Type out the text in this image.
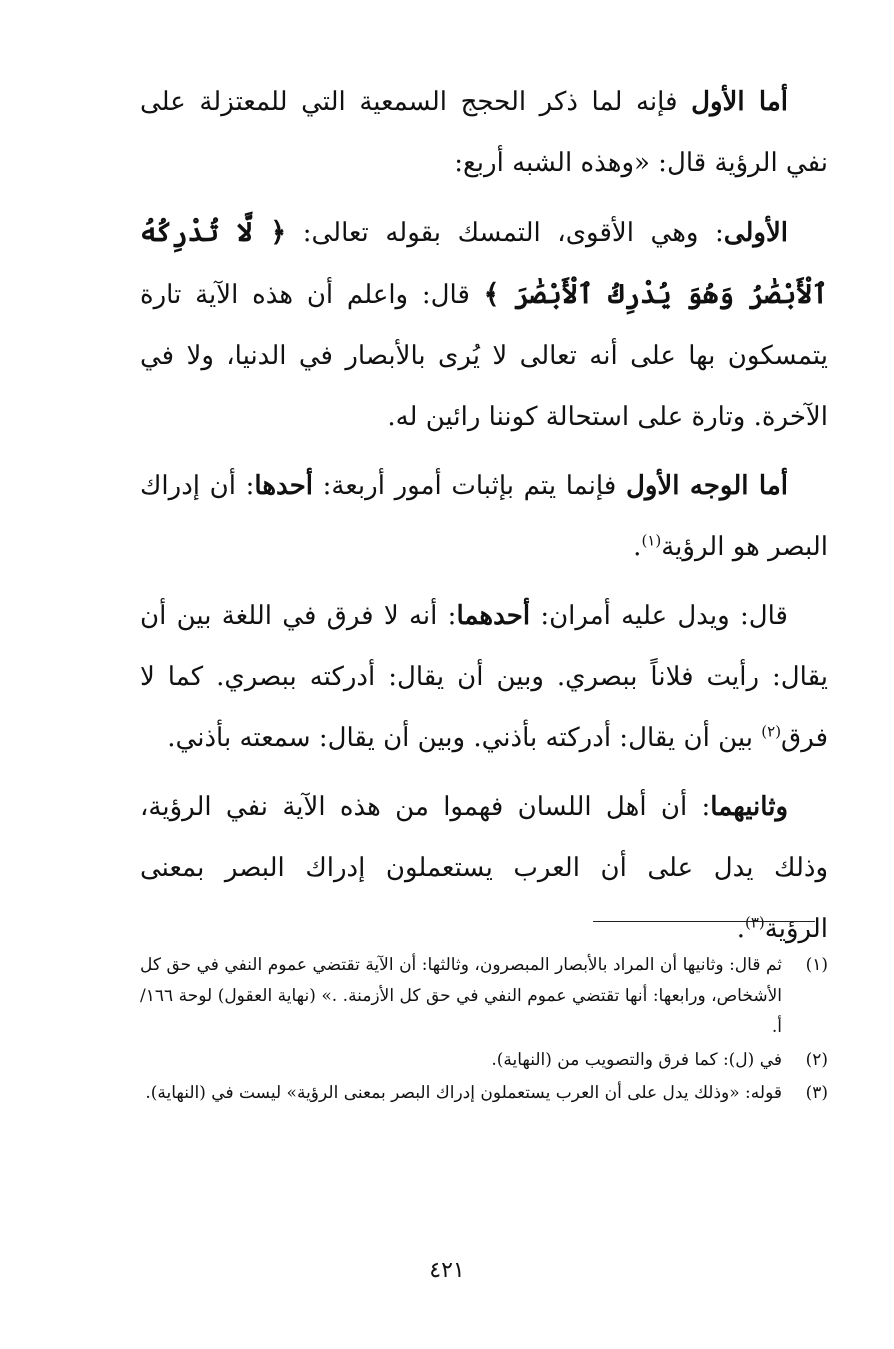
أما الأول فإنه لما ذكر الحجج السمعية التي للمعتزلة على نفي الرؤية قال: «وهذه الشبه أربع:

الأولى: وهي الأقوى، التمسك بقوله تعالى: ﴿ لَّا تُدْرِكُهُ ٱلْأَبْصَٰرُ وَهُوَ يُدْرِكُ ٱلْأَبْصَٰرَ ﴾ قال: واعلم أن هذه الآية تارة يتمسكون بها على أنه تعالى لا يُرى بالأبصار في الدنيا، ولا في الآخرة. وتارة على استحالة كوننا رائين له.

أما الوجه الأول فإنما يتم بإثبات أمور أربعة: أحدها: أن إدراك البصر هو الرؤية$^{(١)}$.

قال: ويدل عليه أمران: أحدهما: أنه لا فرق في اللغة بين أن يقال: رأيت فلاناً ببصري. وبين أن يقال: أدركته ببصري. كما لا فرق$^{(٢)}$ بين أن يقال: أدركته بأذني. وبين أن يقال: سمعته بأذني.

وثانيهما: أن أهل اللسان فهموا من هذه الآية نفي الرؤية، وذلك يدل على أن العرب يستعملون إدراك البصر بمعنى الرؤية$^{(٣)}$.

(١)
ثم قال: وثانيها أن المراد بالأبصار المبصرون، وثالثها: أن الآية تقتضي عموم النفي في حق كل الأشخاص، ورابعها: أنها تقتضي عموم النفي في حق كل الأزمنة. .» (نهاية العقول) لوحة ١٦٦/أ.
(٢)
في (ل): كما فرق والتصويب من (النهاية).
(٣)
قوله: «وذلك يدل على أن العرب يستعملون إدراك البصر بمعنى الرؤية» ليست في (النهاية).
٤٢١
